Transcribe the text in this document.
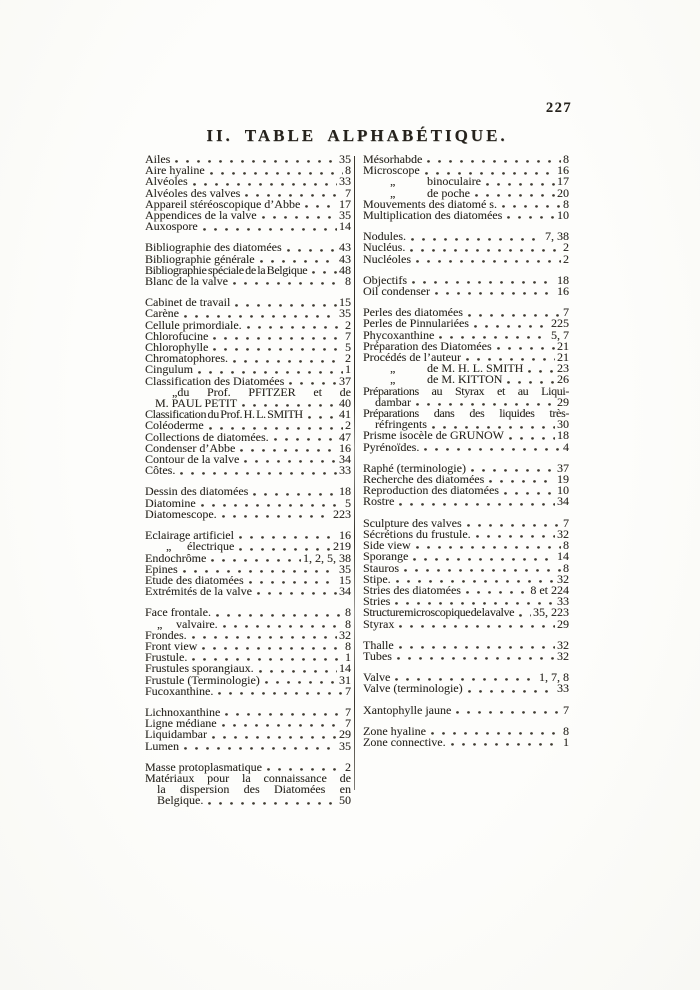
227
II. TABLE ALPHABÉTIQUE.
Ailes	35
Aire hyaline	8
Alvéoles	33
Alvéoles des valves	7
Appareil stéréoscopique d’Abbe	17
Appendices de la valve	35
Auxospore	14
Bibliographie des diatomées	43
Bibliographie générale	43
Bibliographie spéciale de la Belgique	48
Blanc de la valve	8
Cabinet de travail	15
Carène	35
Cellule primordiale.	2
Chlorofucine	7
Chlorophylle	5
Chromatophores.	2
Cingulum	1
Classification des Diatomées	37
„du Prof. PFITZER et de
M. PAUL PETIT	40
Classification du Prof. H. L. SMITH	41
Coléoderme	2
Collections de diatomées.	47
Condenser d’Abbe	16
Contour de la valve	34
Côtes.	33
Dessin des diatomées	18
Diatomine	5
Diatomescope.	223
Eclairage artificiel	16
„	électrique	219
Endochrôme	1, 2, 5, 38
Epines	35
Etude des diatomées	15
Extrémités de la valve	34
Face frontale.	8
„	valvaire.	8
Frondes.	32
Front view	8
Frustule.	1
Frustules sporangiaux.	14
Frustule (Terminologie)	31
Fucoxanthine.	7
Lichnoxanthine	7
Ligne médiane	7
Liquidambar	29
Lumen	35
Masse protoplasmatique	2
Matériaux pour la connaissance de
la dispersion des Diatomées en
Belgique.	50
Mésorhabde	8
Microscope	16
„	binoculaire	17
„	de poche	20
Mouvements des diatomé s.	8
Multiplication des diatomées	10
Nodules.	7, 38
Nucléus.	2
Nucléoles	2
Objectifs	18
Oil condenser	16
Perles des diatomées	7
Perles de Pinnulariées	225
Phycoxanthine	5, 7
Préparation des Diatomées	21
Procédés de l’auteur	21
„	de M. H. L. SMITH	23
„	de M. KITTON	26
Préparations au Styrax et au Liqui-
dambar	29
Préparations dans des liquides très-
réfringents	30
Prisme isocèle de GRUNOW	18
Pyrénoïdes.	4
Raphé (terminologie)	37
Recherche des diatomées	19
Reproduction des diatomées	10
Rostre	34
Sculpture des valves	7
Sécrétions du frustule.	32
Side view	8
Sporange	14
Stauros	8
Stipe.	32
Stries des diatomées	8 et 224
Stries	33
Structure microscopique de la valve 35, 223
Styrax	29
Thalle	32
Tubes	32
Valve	1, 7, 8
Valve (terminologie)	33
Xantophylle jaune	7
Zone hyaline	8
Zone connective.	1
